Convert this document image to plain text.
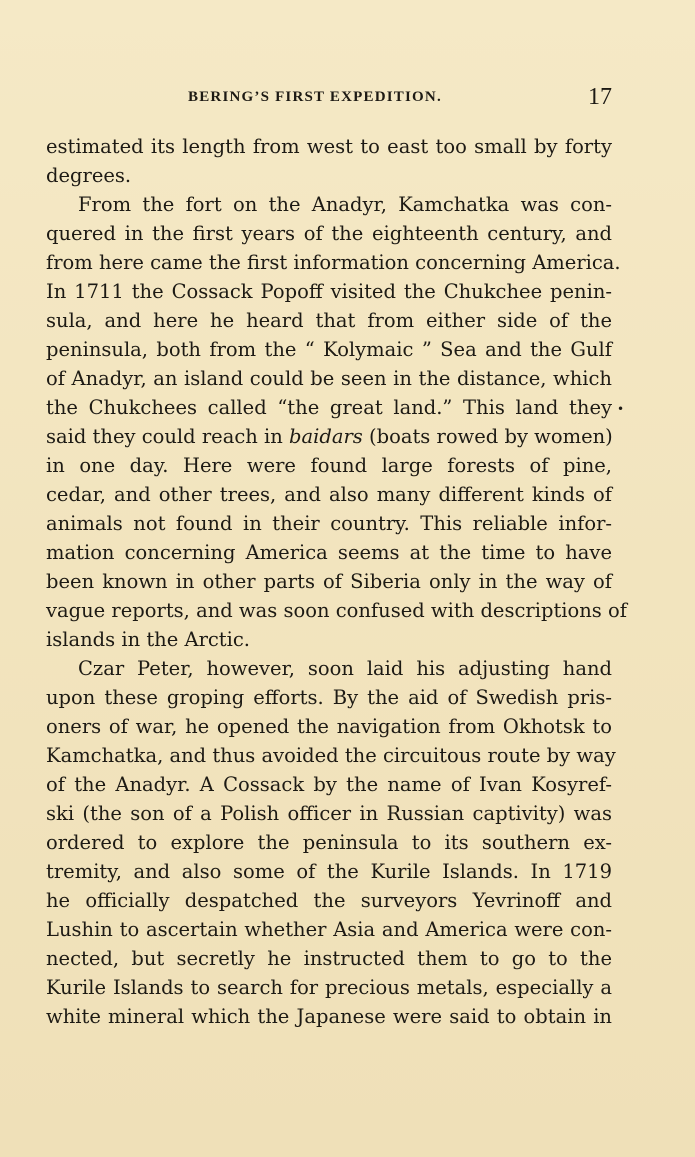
BERING’S FIRST EXPEDITION.	17
estimated its length from west to east too small by forty
degrees.
From the fort on the Anadyr, Kamchatka was con-
quered in the first years of the eighteenth century, and
from here came the first information concerning America.
In 1711 the Cossack Popoff visited the Chukchee penin-
sula, and here he heard that from either side of the
peninsula, both from the “ Kolymaic ” Sea and the Gulf
of Anadyr, an island could be seen in the distance, which
the Chukchees called “the great land.” This land they
said they could reach in baidars (boats rowed by women)
in one day. Here were found large forests of pine,
cedar, and other trees, and also many different kinds of
animals not found in their country. This reliable infor-
mation concerning America seems at the time to have
been known in other parts of Siberia only in the way of
vague reports, and was soon confused with descriptions of
islands in the Arctic.
Czar Peter, however, soon laid his adjusting hand
upon these groping efforts. By the aid of Swedish pris-
oners of war, he opened the navigation from Okhotsk to
Kamchatka, and thus avoided the circuitous route by way
of the Anadyr. A Cossack by the name of Ivan Kosyref-
ski (the son of a Polish officer in Russian captivity) was
ordered to explore the peninsula to its southern ex-
tremity, and also some of the Kurile Islands. In 1719
he officially despatched the surveyors Yevrinoff and
Lushin to ascertain whether Asia and America were con-
nected, but secretly he instructed them to go to the
Kurile Islands to search for precious metals, especially a
white mineral which the Japanese were said to obtain in
•
